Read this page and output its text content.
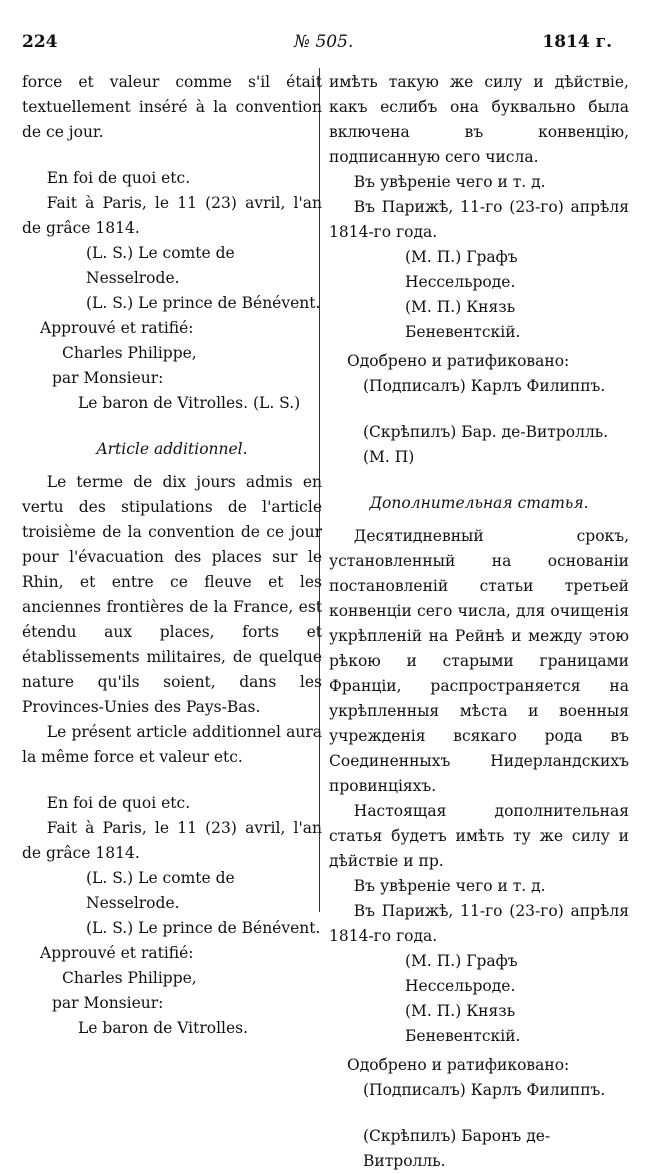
224	№ 505.	1814 г.

force et valeur comme s'il était textuellement inséré à la convention de ce jour.

En foi de quoi etc.

Fait à Paris, le 11 (23) avril, l'an de grâce 1814.

(L. S.) Le comte de Nesselrode.

(L. S.) Le prince de Bénévent.

Approuvé et ratifié:

Charles Philippe,

par Monsieur:

Le baron de Vitrolles. (L. S.)

Article additionnel.

Le terme de dix jours admis en vertu des stipulations de l'article troisième de la convention de ce jour pour l'évacuation des places sur le Rhin, et entre ce fleuve et les anciennes frontières de la France, est étendu aux places, forts et établissements militaires, de quelque nature qu'ils soient, dans les Provinces-Unies des Pays-Bas.

Le présent article additionnel aura la même force et valeur etc.

En foi de quoi etc.

Fait à Paris, le 11 (23) avril, l'an de grâce 1814.

(L. S.) Le comte de Nesselrode.

(L. S.) Le prince de Bénévent.

Approuvé et ratifié:

Charles Philippe,

par Monsieur:

Le baron de Vitrolles.

имѣть такую же силу и дѣйствіе, какъ еслибъ она буквально была включена въ конвенцію, подписанную сего числа.

Въ увѣреніе чего и т. д.

Въ Парижѣ, 11-го (23-го) апрѣля 1814-го года.

(М. П.) Графъ Нессельроде.

(М. П.) Князь Беневентскій.

Одобрено и ратификовано:

(Подписалъ) Карлъ Филиппъ.

(Скрѣпилъ) Бар. де-Витролль. (М. П)

Дополнительная статья.

Десятидневный срокъ, установленный на основаніи постановленій статьи третьей конвенціи сего числа, для очищенія укрѣпленій на Рейнѣ и между этою рѣкою и старыми границами Франціи, распространяется на укрѣпленныя мѣста и военныя учрежденія всякаго рода въ Соединенныхъ Нидерландскихъ провинціяхъ.

Настоящая дополнительная статья будетъ имѣть ту же силу и дѣйствіе и пр.

Въ увѣреніе чего и т. д.

Въ Парижѣ, 11-го (23-го) апрѣля 1814-го года.

(М. П.) Графъ Нессельроде.

(М. П.) Князь Беневентскій.

Одобрено и ратификовано:

(Подписалъ) Карлъ Филиппъ.

(Скрѣпилъ) Баронъ де-Витролль.
